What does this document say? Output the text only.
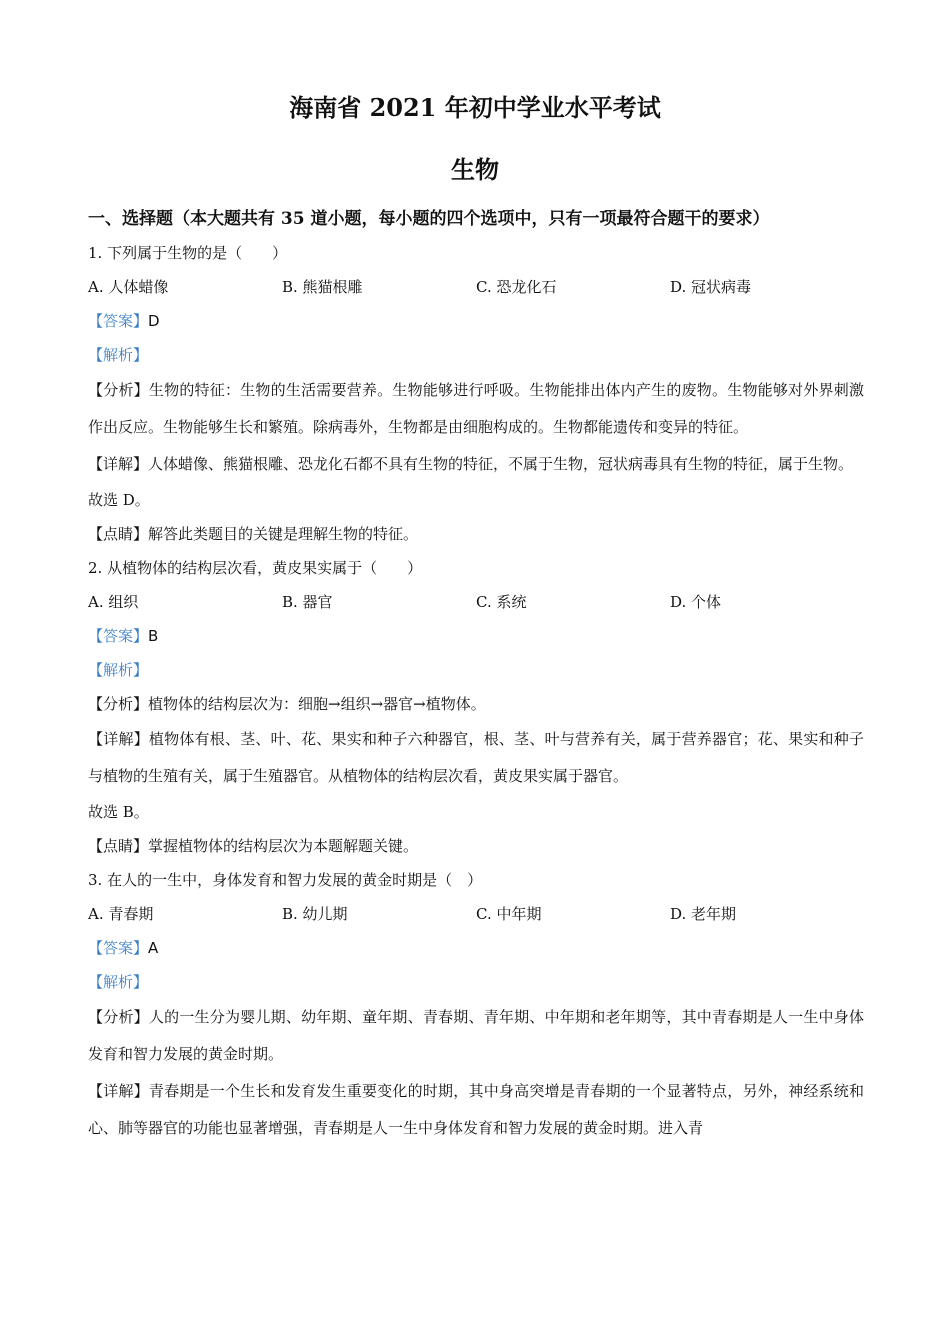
海南省 2021 年初中学业水平考试
生物
一、选择题（本大题共有 35 道小题，每小题的四个选项中，只有一项最符合题干的要求）
1. 下列属于生物的是（　　）
A. 人体蜡像	B. 熊猫根雕	C. 恐龙化石	D. 冠状病毒
【答案】D
【解析】

【分析】生物的特征：生物的生活需要营养。生物能够进行呼吸。生物能排出体内产生的废物。生物能够对外界刺激作出反应。生物能够生长和繁殖。除病毒外，生物都是由细胞构成的。生物都能遗传和变异的特征。

【详解】人体蜡像、熊猫根雕、恐龙化石都不具有生物的特征，不属于生物，冠状病毒具有生物的特征，属于生物。

故选 D。
【点睛】解答此类题目的关键是理解生物的特征。
2. 从植物体的结构层次看，黄皮果实属于（　　）
A. 组织	B. 器官	C. 系统	D. 个体
【答案】B
【解析】
【分析】植物体的结构层次为：细胞→组织→器官→植物体。

【详解】植物体有根、茎、叶、花、果实和种子六种器官，根、茎、叶与营养有关，属于营养器官；花、果实和种子与植物的生殖有关，属于生殖器官。从植物体的结构层次看，黄皮果实属于器官。

故选 B。
【点睛】掌握植物体的结构层次为本题解题关键。
3. 在人的一生中，身体发育和智力发展的黄金时期是（　）
A. 青春期	B. 幼儿期	C. 中年期	D. 老年期
【答案】A
【解析】

【分析】人的一生分为婴儿期、幼年期、童年期、青春期、青年期、中年期和老年期等，其中青春期是人一生中身体发育和智力发展的黄金时期。

【详解】青春期是一个生长和发育发生重要变化的时期，其中身高突增是青春期的一个显著特点，另外，神经系统和心、肺等器官的功能也显著增强，青春期是人一生中身体发育和智力发展的黄金时期。进入青
